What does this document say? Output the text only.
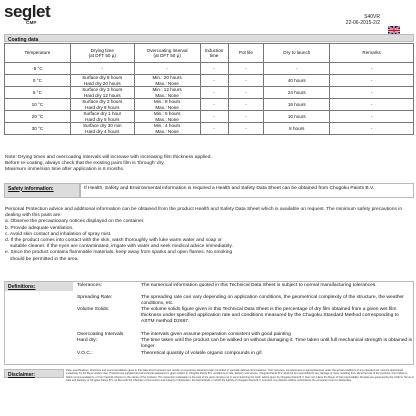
seglet
CMP
S40VR
22-06-2015-2/2
Coating data
Temperature	Drying time
(at DFT 50 µ)	Overcoating interval
(at DFT 50 µ)	Induction
time	Pot life	Dry to launch	Remarks
-5 °C	-	-	-	-	-	-
0 °C	Surface dry 8 hours
Hard dry 20 hours	Min.: 20 hours
Max.: None	-	-	40 hours	-
5 °C	Surface dry 3 hours
Hard dry 12 hours	Min.: 12 hours
Max.: None	-	-	24 hours	-
10 °C	Surface dry 2 hours
Hard dry 8 hours	Min.: 8 hours
Max.: None	-	-	16 hours	-
20 °C	Surface dry 1 hour
Hard dry 5 hours	Min.: 5 hours
Max.: None	-	-	10 hours	-
30 °C	Surface dry 30 min
Hard dry 4 hours	Min.: 4 hours
Max.: None	-	-	8 hours	-
Note: Drying times and overcoating intervals will increase with increasing film thickness applied.
Before re-coating, always check that the existing paint film is 'through' dry.
Maximum immersion time after application is 6 months.
Safety information:	If Health, Safety and Environmental information is required a Health and Safety Data Sheet can be obtained from Chugoku Paints B.V.
Personal Protection advice and additional information can be obtained from the product Health and Safety Data Sheet which is available on request. The minimum safety precautions in dealing with this paint are:
a. Observe the precautionary notices displayed on the container.
b. Provide adequate ventilation.
c. Avoid skin contact and inhalation of spray mist.
d. If the product comes into contact with the skin, wash thoroughly with luke warm water and soap or
suitable cleaner. If the eyes are contaminated, irrigate with water and seek medical advice immediately.
e. Since the product contains flammable materials, keep away from sparks and open flames. No smoking
should be permitted in the area.
Definitions:	Tolerances:	The numerical information quoted in this Technical Data Sheet is subject to normal manufacturing tolerances.
Spreading Rate:	The spreading rate can vary depending on application conditions, the geometrical complexity of the structure, the weather conditions, etc.
Volume Solids:	The volume solids figure given in this Technical Data Sheet is the percentage of dry film obtained from a given wet film thickness under specified application rate and conditions measured by the Chugoku Standard Method corresponding to ASTM method D2697.
Overcoating Intervals	The intervals given assume preparation consistent with good painting
Hard dry:	The time taken until the product can be walked on without damaging it. Time taken until full mechanical strength is obtained is longer.
V.O.C.:	Theoretical quantity of volatile organic compounds in g/l.
Disclaimer:
Data, specifications, directions and recommendations given in this data sheet represent test results or experience obtained under controlled or specially defined circumstances. Their accuracy, completeness or appropriateness under the actual conditions of any intended use must be determined exclusively by the Buyer and/or User. Products are supplied and all technical assistance is given subject to Chugoku Paints B.V. conditions of sale, delivery and service. Chugoku Paints B.V. shall not be responsible for any damage or injury resulting from abnormal use of the products, from failure to follow recommendations, or from hazards inherent in the nature of the products. The inspection undertaken is the task of the party carrying out or commissioning the work; advice given by Chugoku Paints B.V. does not relieve the Buyer of that responsibility. All sales are governed by the Uniform Terms of Sale and Delivery of Chugoku Paints B.V. as filed with the Chamber of Commerce and Industry in Rotterdam, the Netherlands, in which the liability of Chugoku Paints B.V. is limited. Any dispute shall be submitted to the competent Court in Rotterdam.
